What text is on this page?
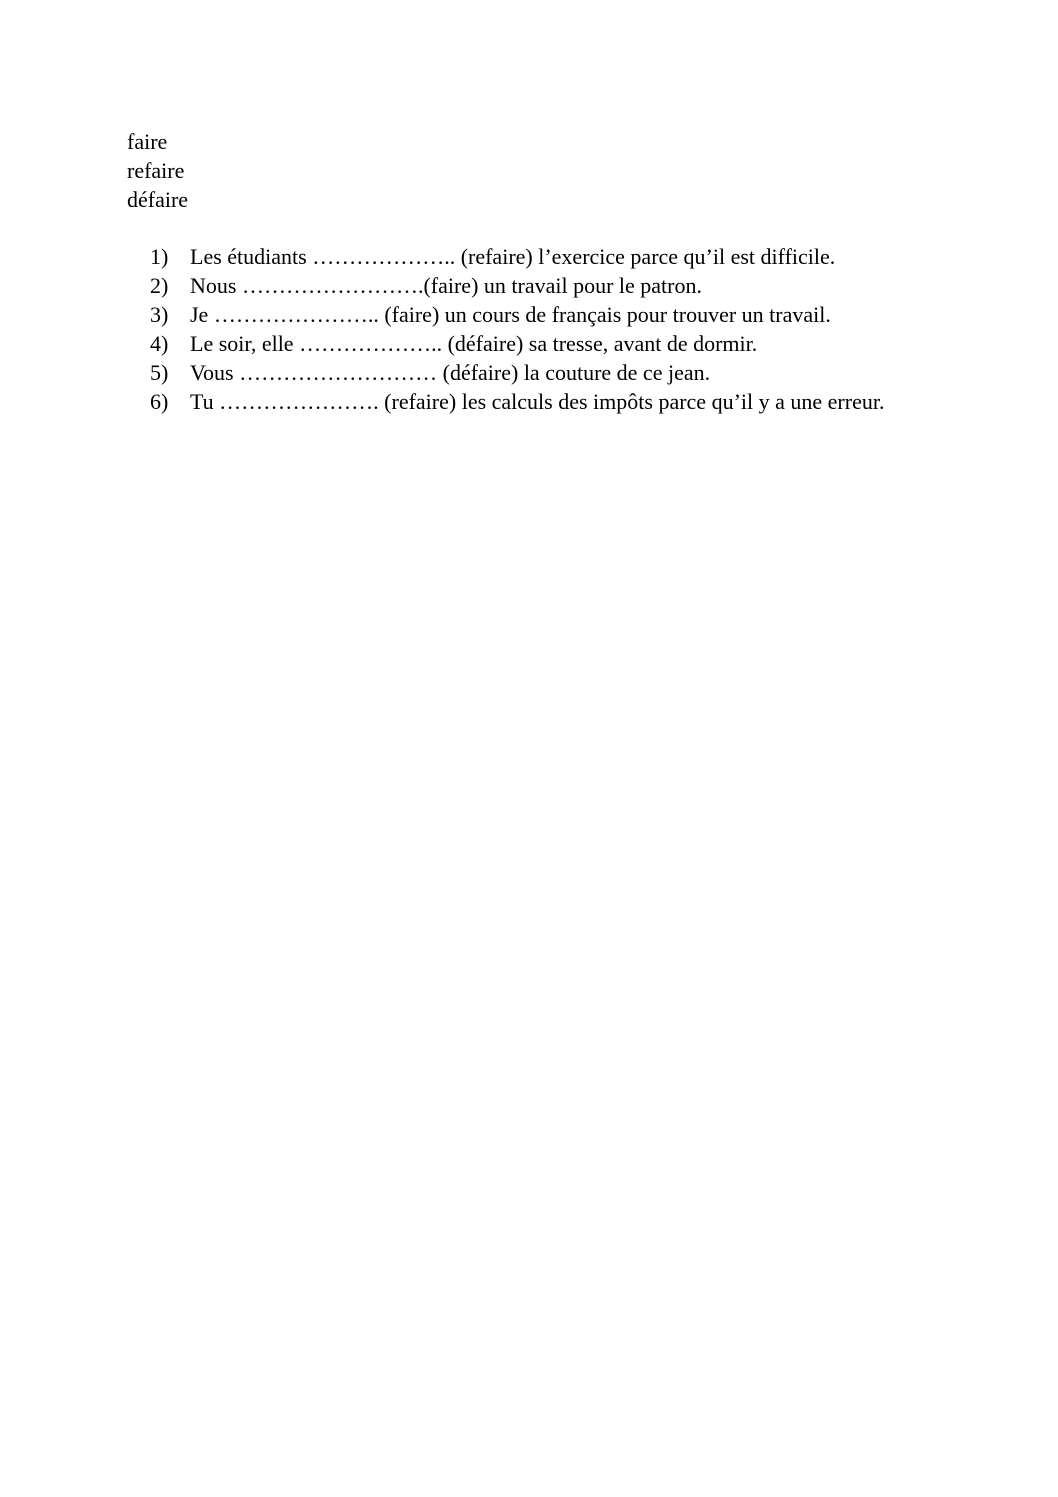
faire
refaire
défaire
1) Les étudiants ……………….. (refaire) l’exercice parce qu’il est difficile.
2) Nous …………………….(faire) un travail pour le patron.
3) Je ………………….. (faire) un cours de français pour trouver un travail.
4) Le soir, elle ……………….. (défaire) sa tresse, avant de dormir.
5) Vous ……………………… (défaire) la couture de ce jean.
6) Tu …………………. (refaire) les calculs des impôts parce qu’il y a une erreur.
